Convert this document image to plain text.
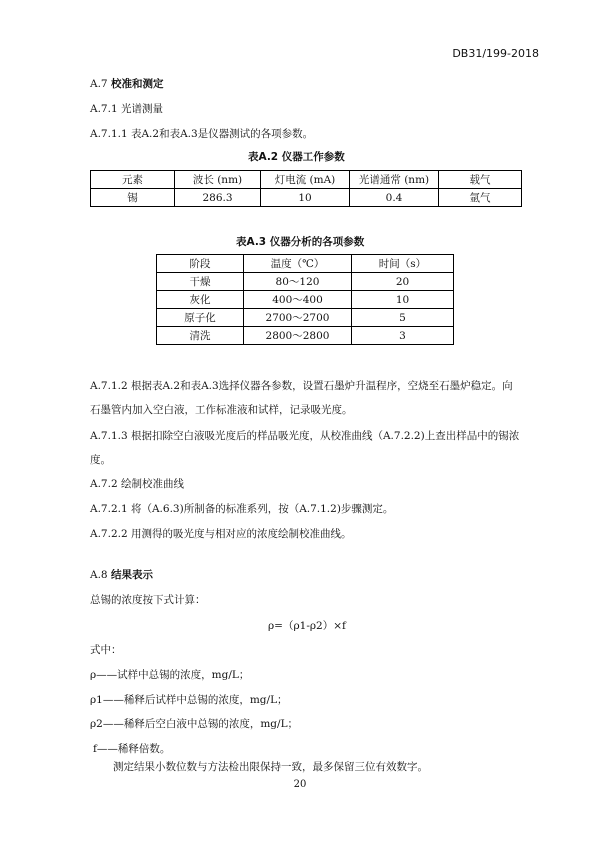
DB31/199-2018
A.7 校准和测定
A.7.1 光谱测量
A.7.1.1 表A.2和表A.3是仪器测试的各项参数。
表A.2 仪器工作参数
元素	波长 (nm)	灯电流 (mA)	光谱通常 (nm)	载气
锡	286.3	10	0.4	氩气
表A.3 仪器分析的各项参数
阶段	温度（℃）	时间（s）
干燥	80～120	20
灰化	400～400	10
原子化	2700～2700	5
清洗	2800～2800	3
A.7.1.2 根据表A.2和表A.3选择仪器各参数，设置石墨炉升温程序，空烧至石墨炉稳定。向
石墨管内加入空白液，工作标准液和试样，记录吸光度。
A.7.1.3 根据扣除空白液吸光度后的样品吸光度，从校准曲线（A.7.2.2)上查出样品中的锡浓
度。
A.7.2 绘制校准曲线
A.7.2.1 将（A.6.3)所制备的标准系列，按（A.7.1.2)步骤测定。
A.7.2.2 用测得的吸光度与相对应的浓度绘制校准曲线。
A.8 结果表示
总锡的浓度按下式计算：
ρ=（ρ1-ρ2）×f
式中：
ρ——试样中总锡的浓度，mg/L；
ρ1——稀释后试样中总锡的浓度，mg/L；
ρ2——稀释后空白液中总锡的浓度，mg/L；
f——稀释倍数。
测定结果小数位数与方法检出限保持一致，最多保留三位有效数字。
20
